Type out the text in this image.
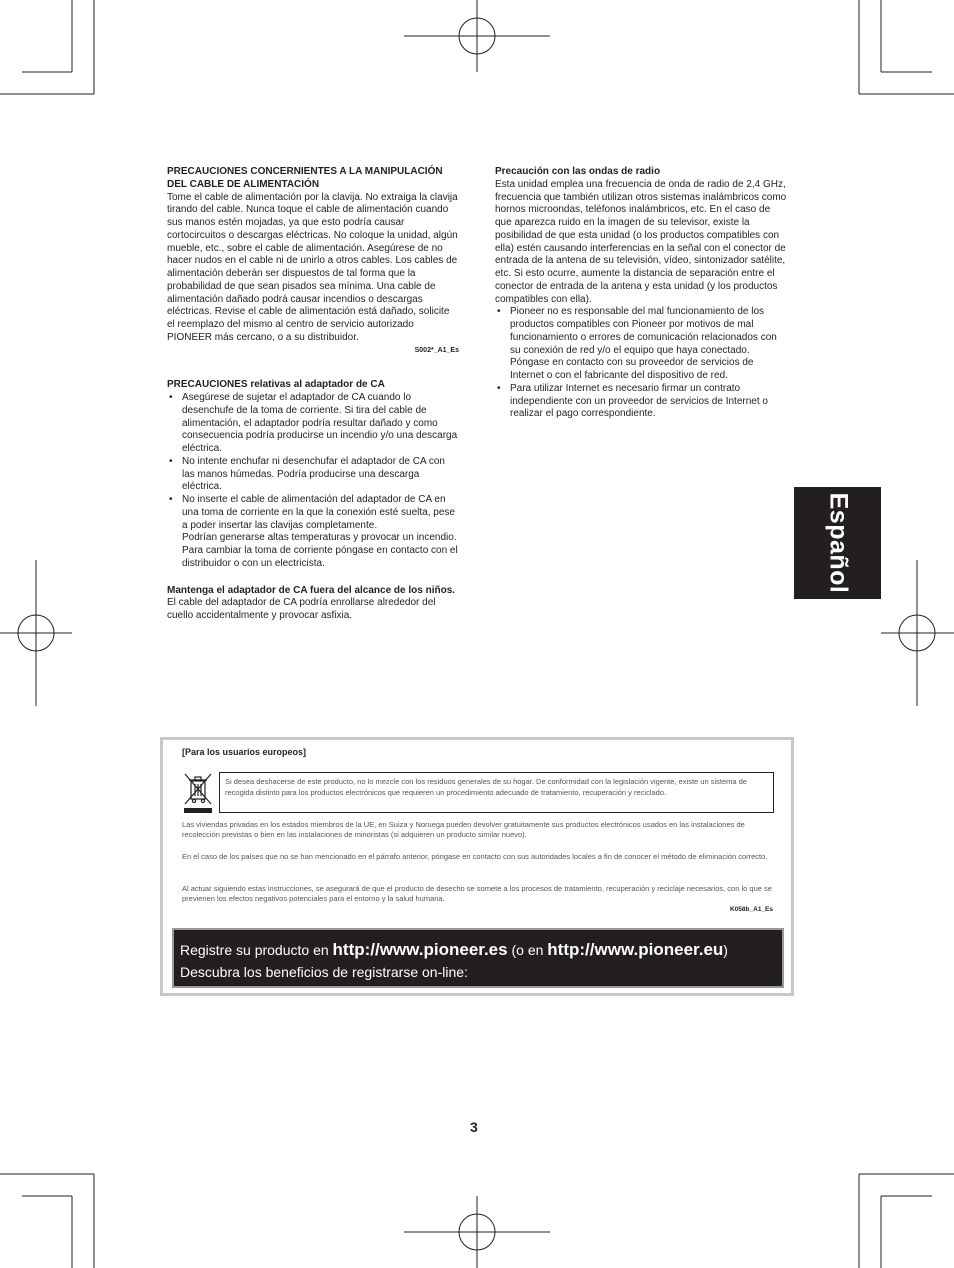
PRECAUCIONES CONCERNIENTES A LA MANIPULACIÓN DEL CABLE DE ALIMENTACIÓN

Tome el cable de alimentación por la clavija. No extraiga la clavija tirando del cable. Nunca toque el cable de alimentación cuando sus manos estén mojadas, ya que esto podría causar cortocircuitos o descargas eléctricas. No coloque la unidad, algún mueble, etc., sobre el cable de alimentación. Asegúrese de no hacer nudos en el cable ni de unirlo a otros cables. Los cables de alimentación deberán ser dispuestos de tal forma que la probabilidad de que sean pisados sea mínima. Una cable de alimentación dañado podrá causar incendios o descargas eléctricas. Revise el cable de alimentación está dañado, solicite el reemplazo del mismo al centro de servicio autorizado PIONEER más cercano, o a su distribuidor.

S002*_A1_Es

PRECAUCIONES relativas al adaptador de CA

• Asegúrese de sujetar el adaptador de CA cuando lo desenchufe de la toma de corriente. Si tira del cable de alimentación, el adaptador podría resultar dañado y como consecuencia podría producirse un incendio y/o una descarga eléctrica.
• No intente enchufar ni desenchufar el adaptador de CA con las manos húmedas. Podría producirse una descarga eléctrica.
• No inserte el cable de alimentación del adaptador de CA en una toma de corriente en la que la conexión esté suelta, pese a poder insertar las clavijas completamente.
Podrían generarse altas temperaturas y provocar un incendio.
Para cambiar la toma de corriente póngase en contacto con el distribuidor o con un electricista.

Mantenga el adaptador de CA fuera del alcance de los niños.

El cable del adaptador de CA podría enrollarse alrededor del cuello accidentalmente y provocar asfixia.

Precaución con las ondas de radio

Esta unidad emplea una frecuencia de onda de radio de 2,4 GHz, frecuencia que también utilizan otros sistemas inalámbricos como hornos microondas, teléfonos inalámbricos, etc. En el caso de que aparezca ruido en la imagen de su televisor, existe la posibilidad de que esta unidad (o los productos compatibles con ella) estén causando interferencias en la señal con el conector de entrada de la antena de su televisión, vídeo, sintonizador satélite, etc. Si esto ocurre, aumente la distancia de separación entre el conector de entrada de la antena y esta unidad (y los productos compatibles con ella).

• Pioneer no es responsable del mal funcionamiento de los productos compatibles con Pioneer por motivos de mal funcionamiento o errores de comunicación relacionados con su conexión de red y/o el equipo que haya conectado. Póngase en contacto con su proveedor de servicios de Internet o con el fabricante del dispositivo de red.
• Para utilizar Internet es necesario firmar un contrato independiente con un proveedor de servicios de Internet o realizar el pago correspondiente.
Español
[Para los usuarios europeos]
Si desea deshacerse de este producto, no lo mezcle con los residuos generales de su hogar. De conformidad con la legislación vigente, existe un sistema de recogida distinto para los productos electrónicos que requieren un procedimiento adecuado de tratamiento, recuperación y reciclado.
Las viviendas privadas en los estados miembros de la UE, en Suiza y Noruega pueden devolver gratuitamente sus productos electrónicos usados en las instalaciones de recolección previstas o bien en las instalaciones de minoristas (si adquieren un producto similar nuevo).
En el caso de los países que no se han mencionado en el párrafo anterior, póngase en contacto con sus autoridades locales a fin de conocer el método de eliminación correcto.
Al actuar siguiendo estas instrucciones, se asegurará de que el producto de desecho se somete a los procesos de tratamiento, recuperación y reciclaje necesarios, con lo que se previenen los efectos negativos potenciales para el entorno y la salud humana.
K058b_A1_Es
Registre su producto en http://www.pioneer.es (o en http://www.pioneer.eu)
Descubra los beneficios de registrarse on-line:
3
